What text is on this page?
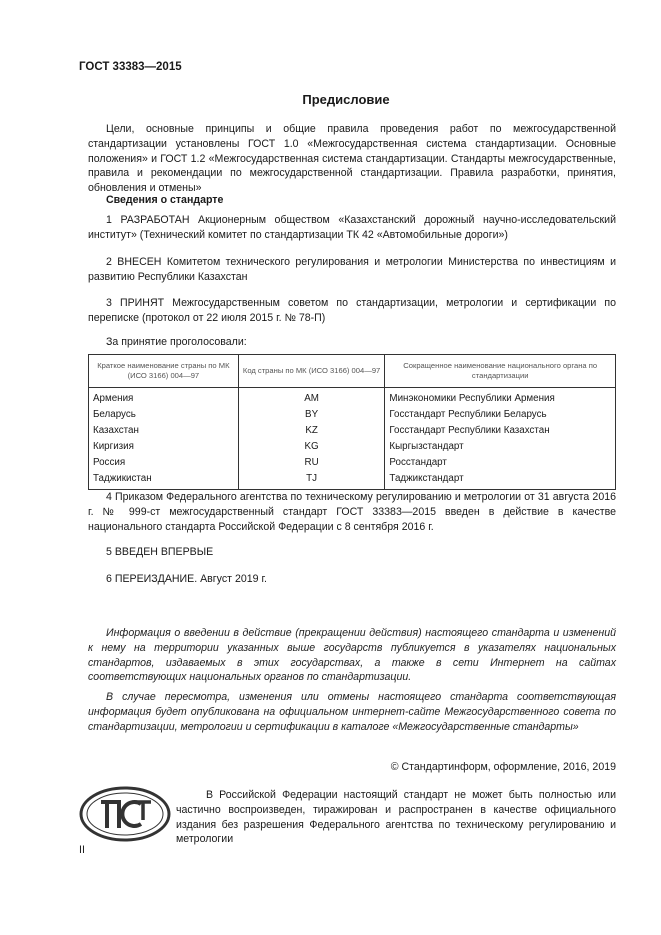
ГОСТ 33383—2015
Предисловие
Цели, основные принципы и общие правила проведения работ по межгосударственной стандартизации установлены ГОСТ 1.0 «Межгосударственная система стандартизации. Основные положения» и ГОСТ 1.2 «Межгосударственная система стандартизации. Стандарты межгосударственные, правила и рекомендации по межгосударственной стандартизации. Правила разработки, принятия, обновления и отмены»
Сведения о стандарте
1 РАЗРАБОТАН Акционерным обществом «Казахстанский дорожный научно-исследовательский институт» (Технический комитет по стандартизации ТК 42 «Автомобильные дороги»)
2 ВНЕСЕН Комитетом технического регулирования и метрологии Министерства по инвестициям и развитию Республики Казахстан
3 ПРИНЯТ Межгосударственным советом по стандартизации, метрологии и сертификации по переписке (протокол от 22 июля 2015 г. № 78-П)
За принятие проголосовали:
Краткое наименование страны по МК (ИСО 3166) 004—97	Код страны по МК (ИСО 3166) 004—97	Сокращенное наименование национального органа по стандартизации
Армения	AM	Минэкономики Республики Армения
Беларусь	BY	Госстандарт Республики Беларусь
Казахстан	KZ	Госстандарт Республики Казахстан
Киргизия	KG	Кыргызстандарт
Россия	RU	Росстандарт
Таджикистан	TJ	Таджикстандарт
4 Приказом Федерального агентства по техническому регулированию и метрологии от 31 августа 2016 г. № 999-ст межгосударственный стандарт ГОСТ 33383—2015 введен в действие в качестве национального стандарта Российской Федерации с 8 сентября 2016 г.
5 ВВЕДЕН ВПЕРВЫЕ
6 ПЕРЕИЗДАНИЕ. Август 2019 г.
Информация о введении в действие (прекращении действия) настоящего стандарта и изменений к нему на территории указанных выше государств публикуется в указателях национальных стандартов, издаваемых в этих государствах, а также в сети Интернет на сайтах соответствующих национальных органов по стандартизации.
В случае пересмотра, изменения или отмены настоящего стандарта соответствующая информация будет опубликована на официальном интернет-сайте Межгосударственного совета по стандартизации, метрологии и сертификации в каталоге «Межгосударственные стандарты»
© Стандартинформ, оформление, 2016, 2019
В Российской Федерации настоящий стандарт не может быть полностью или частично воспроизведен, тиражирован и распространен в качестве официального издания без разрешения Федерального агентства по техническому регулированию и метрологии
II
